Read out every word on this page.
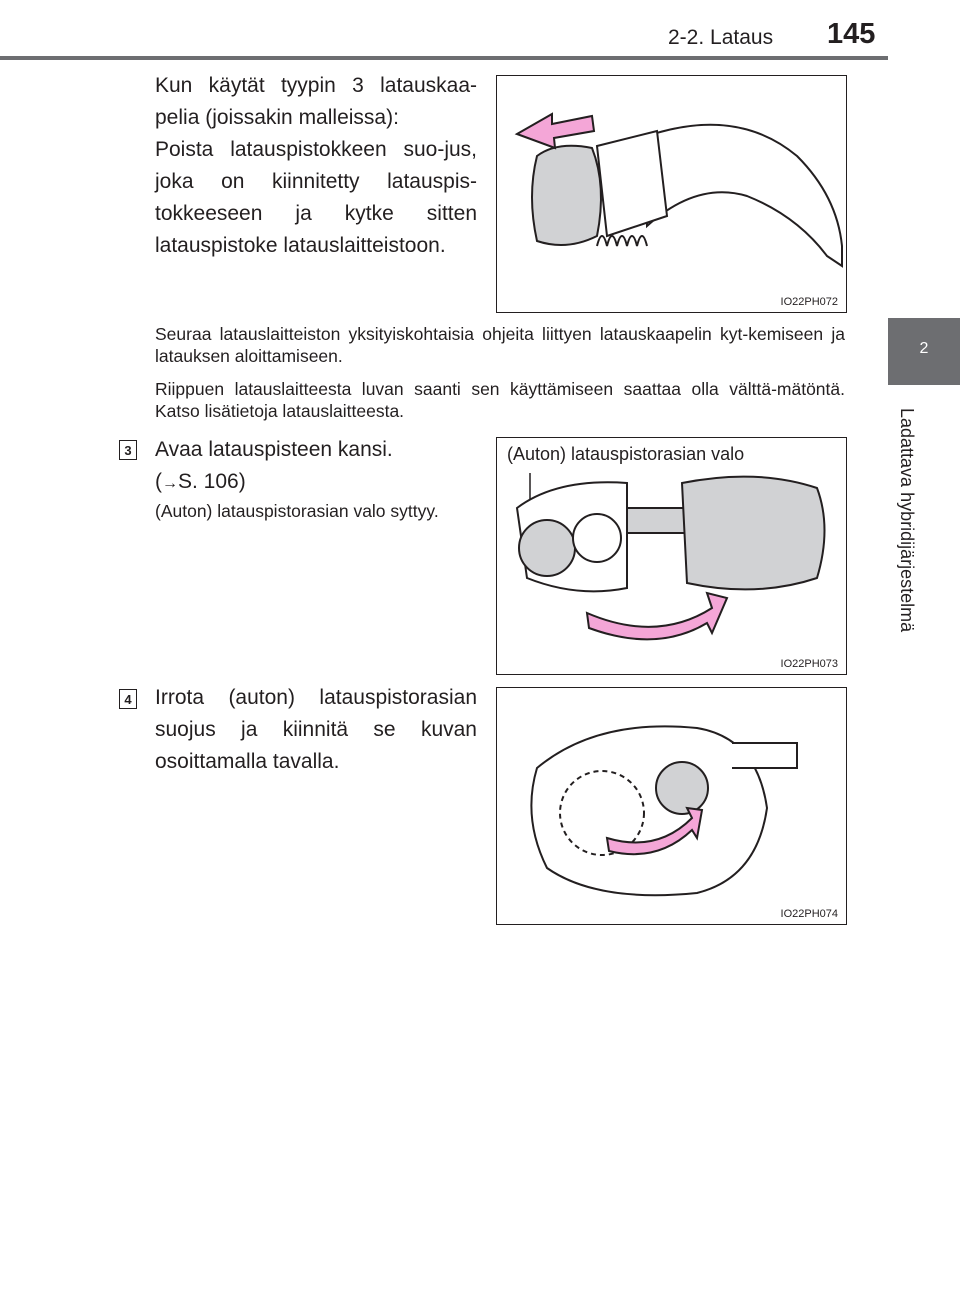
2-2. Lataus 145
2
Ladattava hybridijärjestelmä
Kun käytät tyypin 3 latauskaa-pelia (joissakin malleissa):
Poista latauspistokkeen suo-jus, joka on kiinnitetty latauspis-tokkeeseen ja kytke sitten latauspistoke latauslaitteistoon.
IO22PH072
Seuraa latauslaitteiston yksityiskohtaisia ohjeita liittyen latauskaapelin kyt-kemiseen ja latauksen aloittamiseen.
Riippuen latauslaitteesta luvan saanti sen käyttämiseen saattaa olla välttä-mätöntä. Katso lisätietoja latauslaitteesta.
3 Avaa latauspisteen kansi.
(→S. 106)
(Auton) latauspistorasian valo syttyy.
(Auton) latauspistorasian valo
IO22PH073
4 Irrota (auton) latauspistorasian suojus ja kiinnitä se kuvan osoittamalla tavalla.
IO22PH074
